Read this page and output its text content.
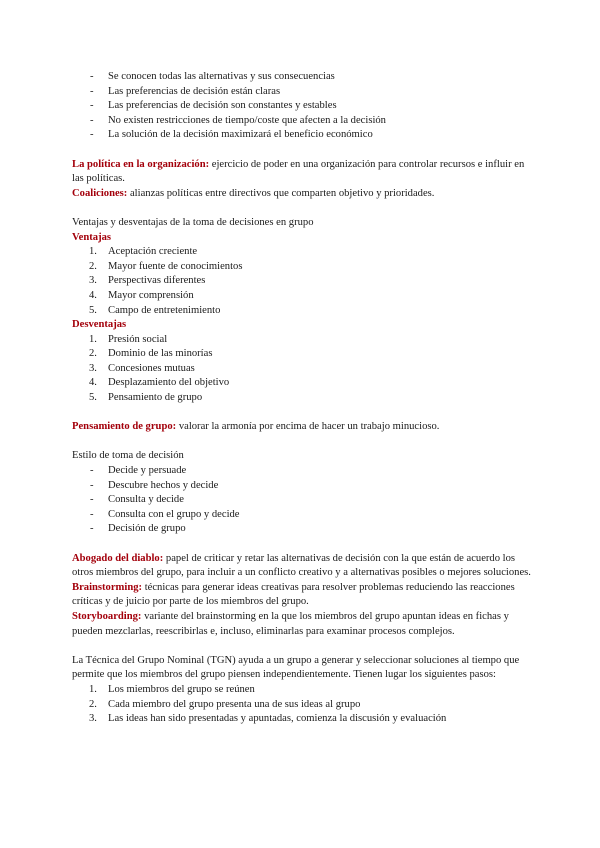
- Se conocen todas las alternativas y sus consecuencias
- Las preferencias de decisión están claras
- Las preferencias de decisión son constantes y estables
- No existen restricciones de tiempo/coste que afecten a la decisión
- La solución de la decisión maximizará el beneficio económico

La política en la organización: ejercicio de poder en una organización para controlar recursos e influir en las políticas.

Coaliciones: alianzas políticas entre directivos que comparten objetivo y prioridades.

Ventajas y desventajas de la toma de decisiones en grupo

Ventajas

1. Aceptación creciente
2. Mayor fuente de conocimientos
3. Perspectivas diferentes
4. Mayor comprensión
5. Campo de entretenimiento

Desventajas

1. Presión social
2. Dominio de las minorías
3. Concesiones mutuas
4. Desplazamiento del objetivo
5. Pensamiento de grupo

Pensamiento de grupo: valorar la armonía por encima de hacer un trabajo minucioso.

Estilo de toma de decisión

- Decide y persuade
- Descubre hechos y decide
- Consulta y decide
- Consulta con el grupo y decide
- Decisión de grupo

Abogado del diablo: papel de criticar y retar las alternativas de decisión con la que están de acuerdo los otros miembros del grupo, para incluir a un conflicto creativo y a alternativas posibles o mejores soluciones.

Brainstorming: técnicas para generar ideas creativas para resolver problemas reduciendo las reacciones críticas y de juicio por parte de los miembros del grupo.

Storyboarding: variante del brainstorming en la que los miembros del grupo apuntan ideas en fichas y pueden mezclarlas, reescribirlas e, incluso, eliminarlas para examinar procesos complejos.

La Técnica del Grupo Nominal (TGN) ayuda a un grupo a generar y seleccionar soluciones al tiempo que permite que los miembros del grupo piensen independientemente. Tienen lugar los siguientes pasos:

1. Los miembros del grupo se reúnen
2. Cada miembro del grupo presenta una de sus ideas al grupo
3. Las ideas han sido presentadas y apuntadas, comienza la discusión y evaluación
